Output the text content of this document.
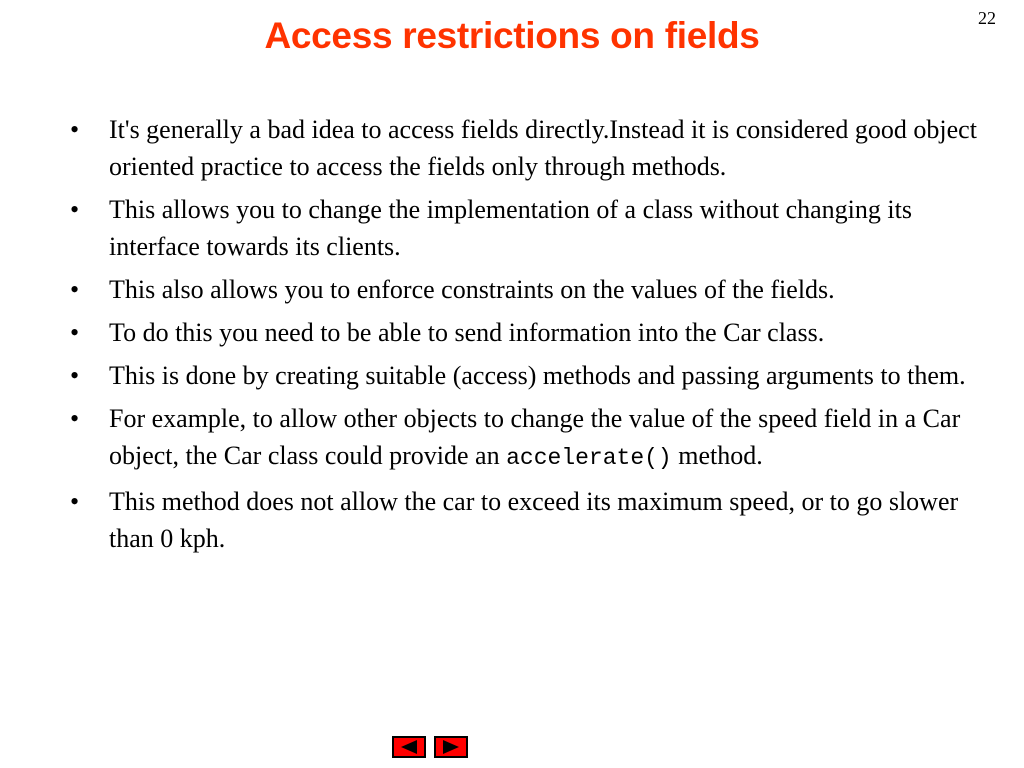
Access restrictions on fields	22
• It's generally a bad idea to access fields directly.Instead it is considered good object oriented practice to access the fields only through methods.
• This allows you to change the implementation of a class without changing its interface towards its clients.
• This also allows you to enforce constraints on the values of the fields.
• To do this you need to be able to send information into the Car class.
• This is done by creating suitable (access) methods and passing arguments to them.
• For example, to allow other objects to change the value of the speed field in a Car object, the Car class could provide an accelerate() method.
• This method does not allow the car to exceed its maximum speed, or to go slower than 0 kph.
